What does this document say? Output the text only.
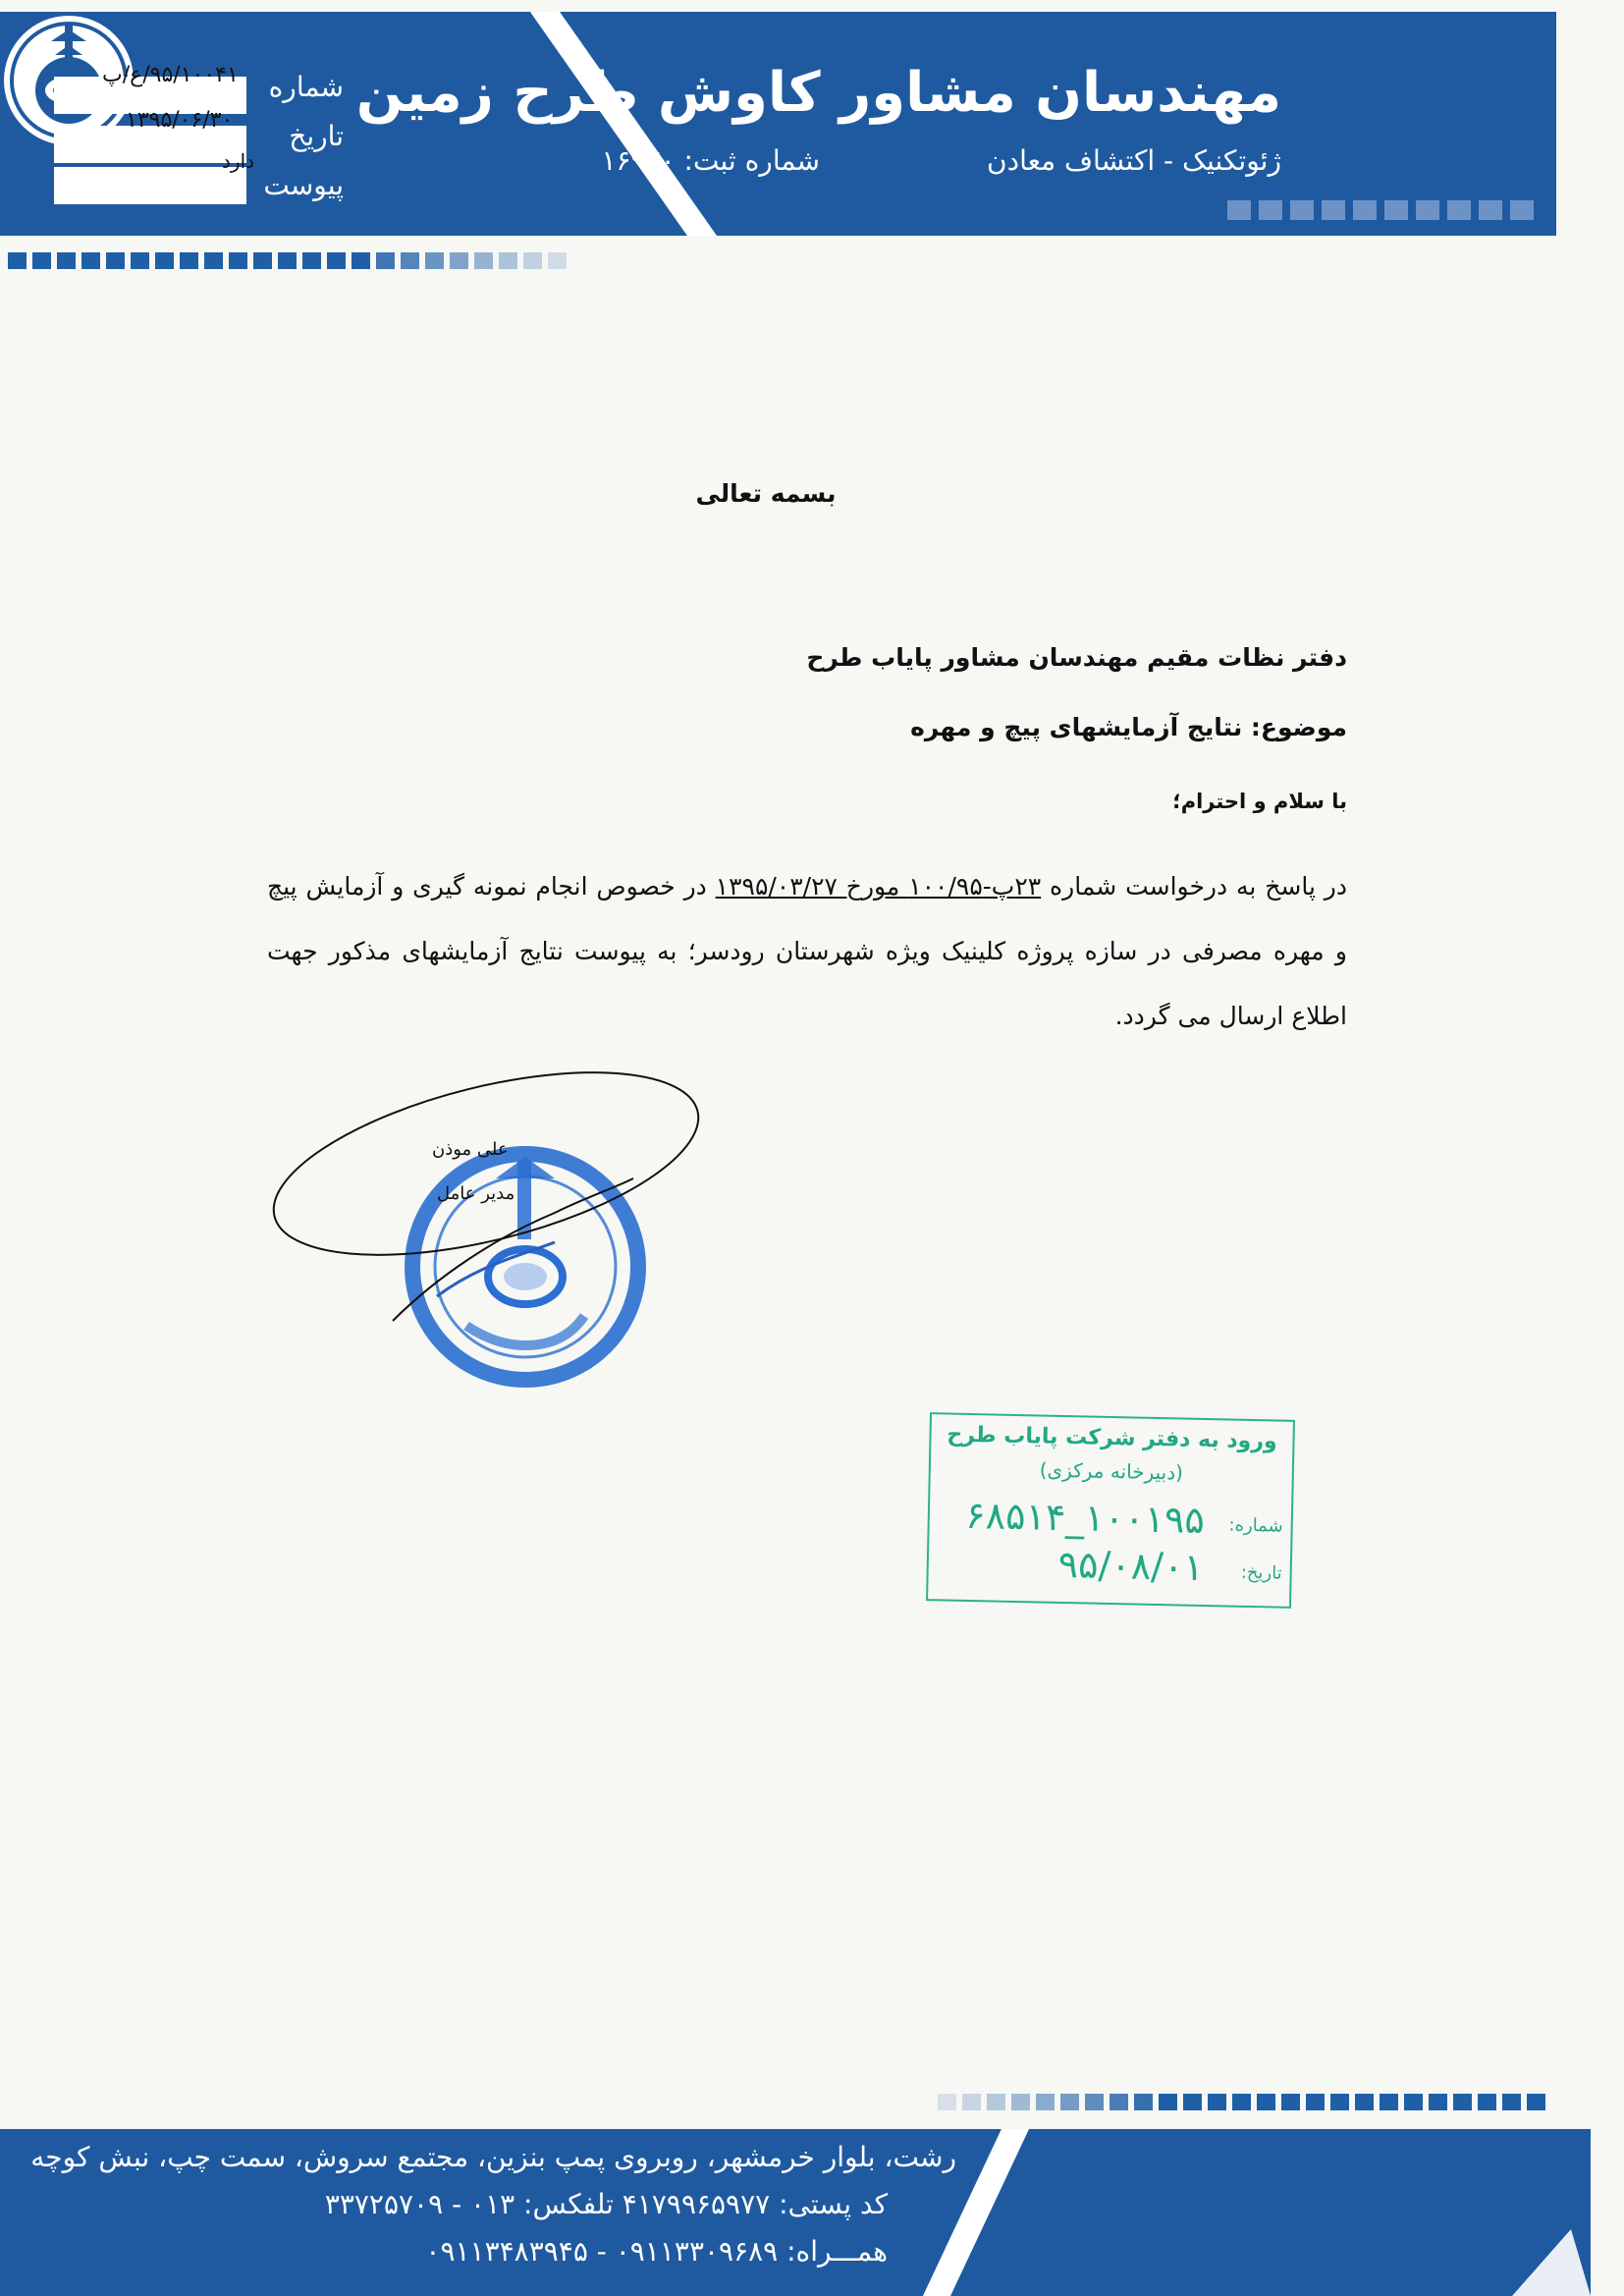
مهندسان مشاور کاوش طرح زمین
ژئوتکنیک - اکتشاف معادن
شماره ثبت: ۱۶۹۷۰
شماره
تاریخ
پیوست
۹۵/۱۰۰۴۱/ع/پ
۱۳۹۵/۰۶/۳۰
دارد
بسمه تعالی
دفتر نظات مقیم مهندسان مشاور پایاب طرح
موضوع: نتایج آزمایشهای پیچ و مهره
با سلام و احترام؛
در پاسخ به درخواست شماره ۲۳پ-۱۰۰/۹۵ مورخ ۱۳۹۵/۰۳/۲۷ در خصوص انجام نمونه گیری و آزمایش پیچ و مهره مصرفی در سازه پروژه کلینیک ویژه شهرستان رودسر؛ به پیوست نتایج آزمایشهای مذکور جهت اطلاع ارسال می گردد.
علی موذن
مدیر عامل
ورود به دفتر شرکت پایاب طرح
(دبیرخانه مرکزی)
شماره:
۱۰۰۱۹۵_۶۸۵۱۴
تاریخ:
۹۵/۰۸/۰۱
رشت، بلوار خرمشهر، روبروی پمپ بنزین، مجتمع سروش، سمت چپ، نبش کوچه
کد پستی: ۴۱۷۹۹۶۵۹۷۷ تلفکس: ۰۱۳ - ۳۳۷۲۵۷۰۹
همـــراه: ۰۹۱۱۳۳۰۹۶۸۹ - ۰۹۱۱۳۴۸۳۹۴۵
